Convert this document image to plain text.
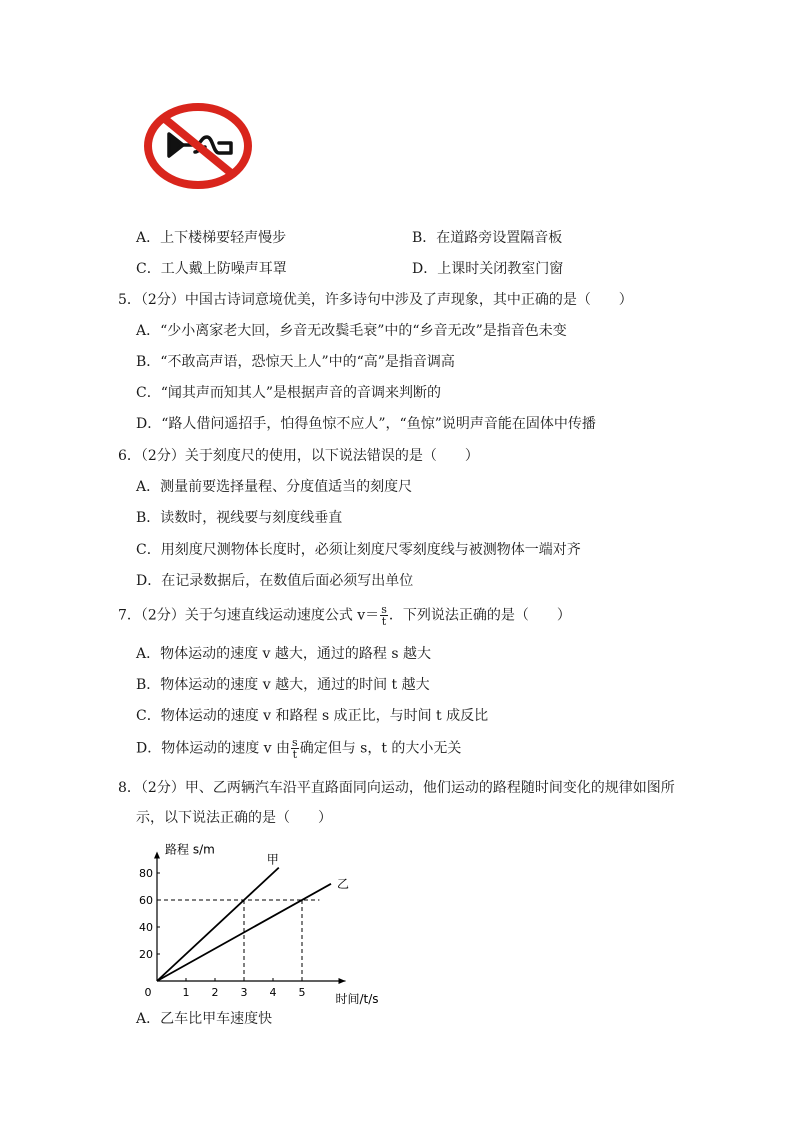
A．上下楼梯要轻声慢步	B．在道路旁设置隔音板
C．工人戴上防噪声耳罩	D．上课时关闭教室门窗
5．（2分）中国古诗词意境优美，许多诗句中涉及了声现象，其中正确的是（　　）
A．“少小离家老大回，乡音无改鬓毛衰”中的“乡音无改”是指音色未变
B．“不敢高声语，恐惊天上人”中的“高”是指音调高
C．“闻其声而知其人”是根据声音的音调来判断的
D．“路人借问遥招手，怕得鱼惊不应人”，“鱼惊”说明声音能在固体中传播
6．（2分）关于刻度尺的使用，以下说法错误的是（　　）
A．测量前要选择量程、分度值适当的刻度尺
B．读数时，视线要与刻度线垂直
C．用刻度尺测物体长度时，必须让刻度尺零刻度线与被测物体一端对齐
D．在记录数据后，在数值后面必须写出单位
7．（2分）关于匀速直线运动速度公式 $v= \frac{s}{t}$ ．下列说法正确的是（　　）
A．物体运动的速度 v 越大，通过的路程 s 越大
B．物体运动的速度 v 越大，通过的时间 t 越大
C．物体运动的速度 v 和路程 s 成正比，与时间 t 成反比
D．物体运动的速度 v 由 $\frac{s}{t}$ 确定但与 s，t 的大小无关
8．（2分）甲、乙两辆汽车沿平直路面同向运动，他们运动的路程随时间变化的规律如图所
示，以下说法正确的是（　　）
1 2 3 4 5
20
40
60
80
0
路程 s/m
时间/t/s
甲
乙
A．乙车比甲车速度快
